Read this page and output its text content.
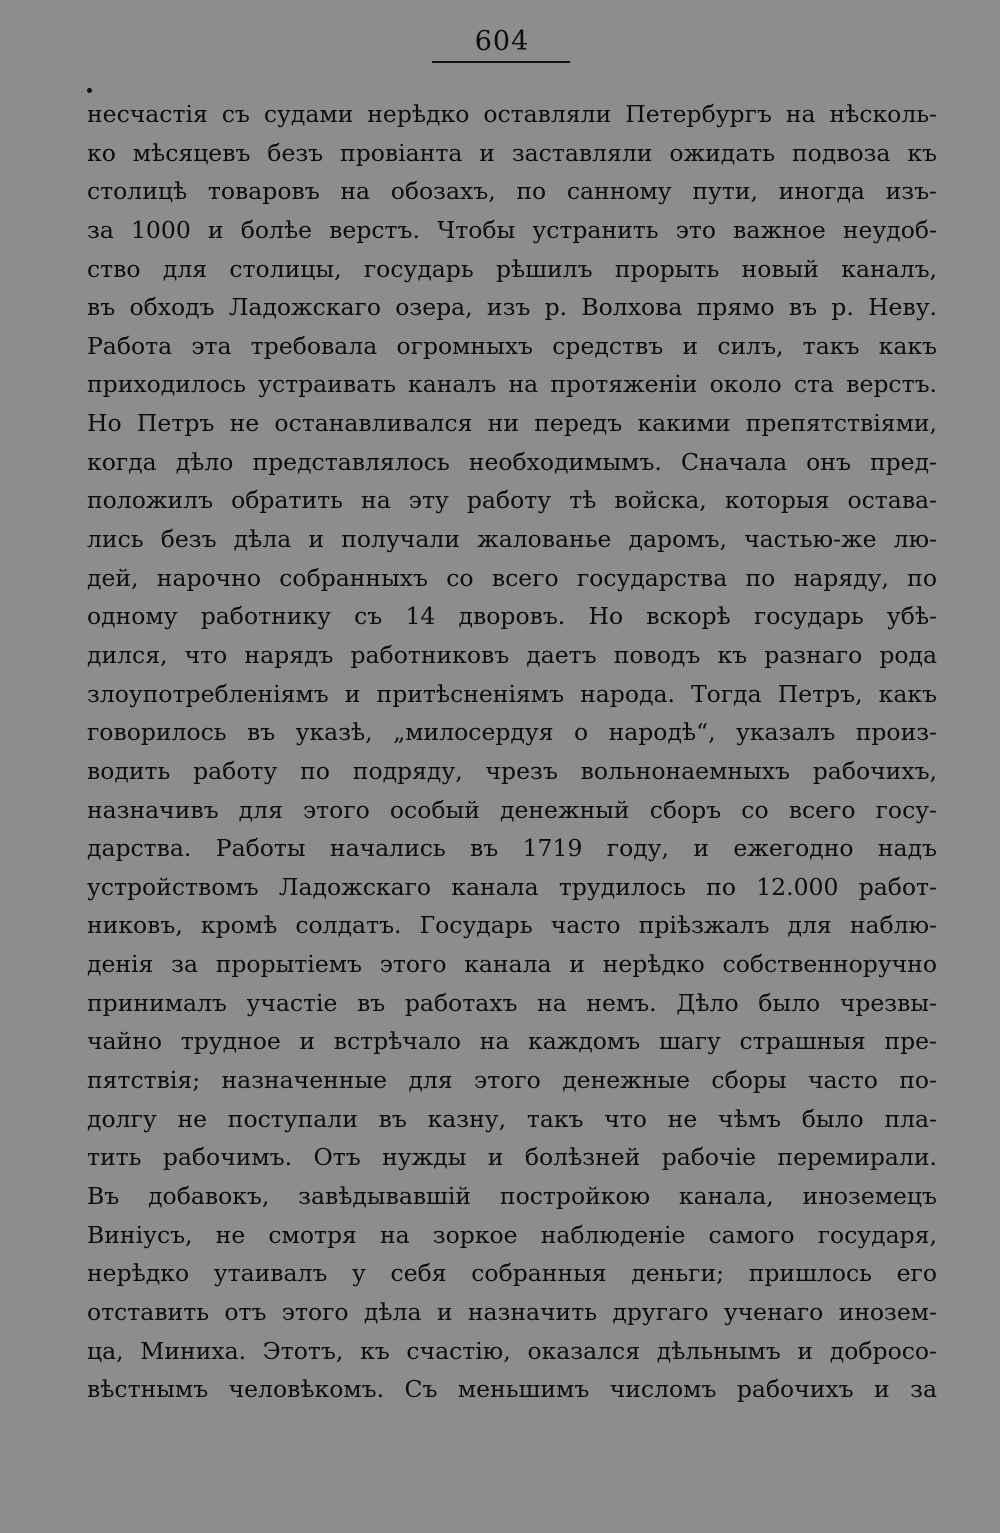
604
несчастія съ судами нерѣдко оставляли Петербургъ на нѣсколь-
ко мѣсяцевъ безъ провіанта и заставляли ожидать подвоза къ
столицѣ товаровъ на обозахъ, по санному пути, иногда изъ-
за 1000 и болѣе верстъ. Чтобы устранить это важное неудоб-
ство для столицы, государь рѣшилъ прорыть новый каналъ,
въ обходъ Ладожскаго озера, изъ р. Волхова прямо въ р. Неву.
Работа эта требовала огромныхъ средствъ и силъ, такъ какъ
приходилось устраивать каналъ на протяженіи около ста верстъ.
Но Петръ не останавливался ни передъ какими препятствіями,
когда дѣло представлялось необходимымъ. Сначала онъ пред-
положилъ обратить на эту работу тѣ войска, которыя остава-
лись безъ дѣла и получали жалованье даромъ, частью-же лю-
дей, нарочно собранныхъ со всего государства по наряду, по
одному работнику съ 14 дворовъ. Но вскорѣ государь убѣ-
дился, что нарядъ работниковъ даетъ поводъ къ разнаго рода
злоупотребленіямъ и притѣсненіямъ народа. Тогда Петръ, какъ
говорилось въ указѣ, „милосердуя о народѣ“, указалъ произ-
водить работу по подряду, чрезъ вольнонаемныхъ рабочихъ,
назначивъ для этого особый денежный сборъ со всего госу-
дарства. Работы начались въ 1719 году, и ежегодно надъ
устройствомъ Ладожскаго канала трудилось по 12.000 работ-
никовъ, кромѣ солдатъ. Государь часто пріѣзжалъ для наблю-
денія за прорытіемъ этого канала и нерѣдко собственноручно
принималъ участіе въ работахъ на немъ. Дѣло было чрезвы-
чайно трудное и встрѣчало на каждомъ шагу страшныя пре-
пятствія; назначенные для этого денежные сборы часто по-
долгу не поступали въ казну, такъ что не чѣмъ было пла-
тить рабочимъ. Отъ нужды и болѣзней рабочіе перемирали.
Въ добавокъ, завѣдывавшій постройкою канала, иноземецъ
Виніусъ, не смотря на зоркое наблюденіе самого государя,
нерѣдко утаивалъ у себя собранныя деньги; пришлось его
отставить отъ этого дѣла и назначить другаго ученаго инозем-
ца, Миниха. Этотъ, къ счастію, оказался дѣльнымъ и добросо-
вѣстнымъ человѣкомъ. Съ меньшимъ числомъ рабочихъ и за
